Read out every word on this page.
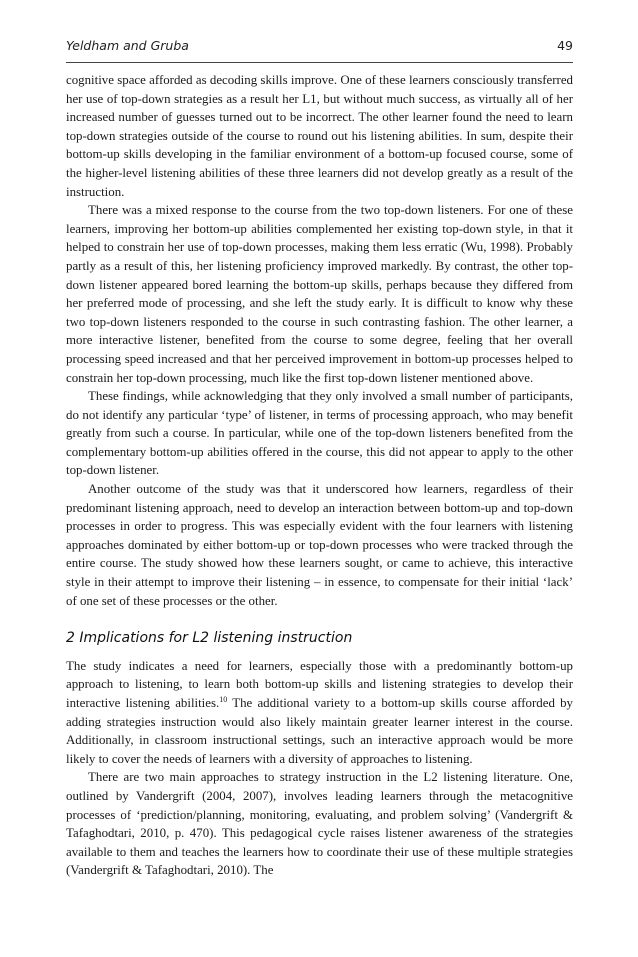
Yeldham and Gruba	49

cognitive space afforded as decoding skills improve. One of these learners consciously transferred her use of top-down strategies as a result her L1, but without much success, as virtually all of her increased number of guesses turned out to be incorrect. The other learner found the need to learn top-down strategies outside of the course to round out his listening abilities. In sum, despite their bottom-up skills developing in the familiar environment of a bottom-up focused course, some of the higher-level listening abilities of these three learners did not develop greatly as a result of the instruction.

There was a mixed response to the course from the two top-down listeners. For one of these learners, improving her bottom-up abilities complemented her existing top-down style, in that it helped to constrain her use of top-down processes, making them less erratic (Wu, 1998). Probably partly as a result of this, her listening proficiency improved markedly. By contrast, the other top-down listener appeared bored learning the bottom-up skills, perhaps because they differed from her preferred mode of processing, and she left the study early. It is difficult to know why these two top-down listeners responded to the course in such contrasting fashion. The other learner, a more interactive listener, benefited from the course to some degree, feeling that her overall processing speed increased and that her perceived improvement in bottom-up processes helped to constrain her top-down processing, much like the first top-down listener mentioned above.

These findings, while acknowledging that they only involved a small number of participants, do not identify any particular ‘type’ of listener, in terms of processing approach, who may benefit greatly from such a course. In particular, while one of the top-down listeners benefited from the complementary bottom-up abilities offered in the course, this did not appear to apply to the other top-down listener.

Another outcome of the study was that it underscored how learners, regardless of their predominant listening approach, need to develop an interaction between bottom-up and top-down processes in order to progress. This was especially evident with the four learners with listening approaches dominated by either bottom-up or top-down processes who were tracked through the entire course. The study showed how these learners sought, or came to achieve, this interactive style in their attempt to improve their listening – in essence, to compensate for their initial ‘lack’ of one set of these processes or the other.

2 Implications for L2 listening instruction

The study indicates a need for learners, especially those with a predominantly bottom-up approach to listening, to learn both bottom-up skills and listening strategies to develop their interactive listening abilities.$^{10}$ The additional variety to a bottom-up skills course afforded by adding strategies instruction would also likely maintain greater learner interest in the course. Additionally, in classroom instructional settings, such an interactive approach would be more likely to cover the needs of learners with a diversity of approaches to listening.

There are two main approaches to strategy instruction in the L2 listening literature. One, outlined by Vandergrift (2004, 2007), involves leading learners through the metacognitive processes of ‘prediction/planning, monitoring, evaluating, and problem solving’ (Vandergrift & Tafaghodtari, 2010, p. 470). This pedagogical cycle raises listener awareness of the strategies available to them and teaches the learners how to coordinate their use of these multiple strategies (Vandergrift & Tafaghodtari, 2010). The
